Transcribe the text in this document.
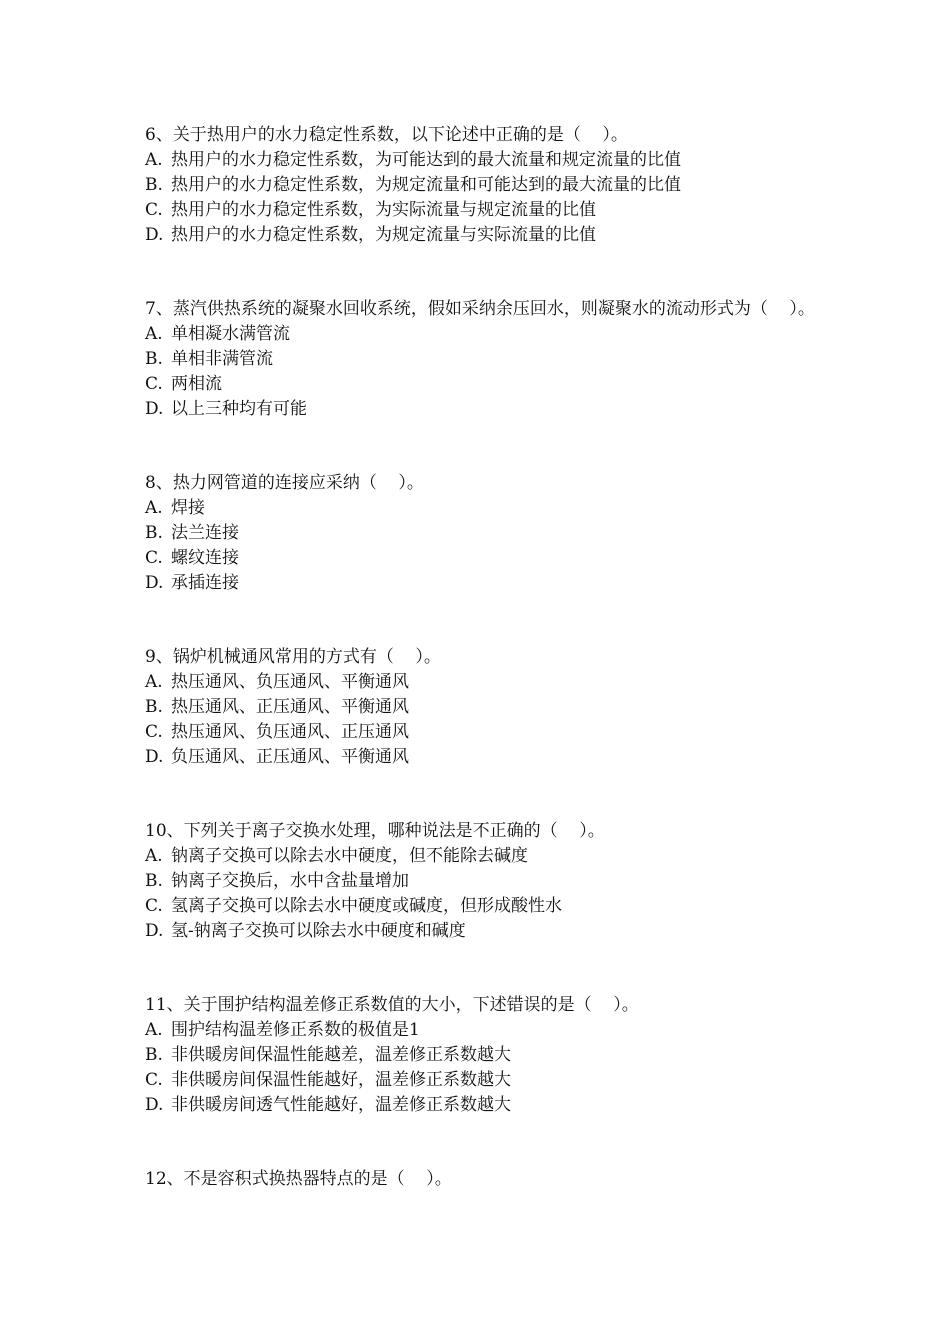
6、关于热用户的水力稳定性系数，以下论述中正确的是（    ）。

A. 热用户的水力稳定性系数，为可能达到的最大流量和规定流量的比值

B. 热用户的水力稳定性系数，为规定流量和可能达到的最大流量的比值

C. 热用户的水力稳定性系数，为实际流量与规定流量的比值

D. 热用户的水力稳定性系数，为规定流量与实际流量的比值

7、蒸汽供热系统的凝聚水回收系统，假如采纳余压回水，则凝聚水的流动形式为（    ）。

A. 单相凝水满管流

B. 单相非满管流

C. 两相流

D. 以上三种均有可能

8、热力网管道的连接应采纳（    ）。

A. 焊接

B. 法兰连接

C. 螺纹连接

D. 承插连接

9、锅炉机械通风常用的方式有（    ）。

A. 热压通风、负压通风、平衡通风

B. 热压通风、正压通风、平衡通风

C. 热压通风、负压通风、正压通风

D. 负压通风、正压通风、平衡通风

10、下列关于离子交换水处理，哪种说法是不正确的（    ）。

A. 钠离子交换可以除去水中硬度，但不能除去碱度

B. 钠离子交换后，水中含盐量增加

C. 氢离子交换可以除去水中硬度或碱度，但形成酸性水

D. 氢-钠离子交换可以除去水中硬度和碱度

11、关于围护结构温差修正系数值的大小，下述错误的是（    ）。

A. 围护结构温差修正系数的极值是1

B. 非供暖房间保温性能越差，温差修正系数越大

C. 非供暖房间保温性能越好，温差修正系数越大

D. 非供暖房间透气性能越好，温差修正系数越大

12、不是容积式换热器特点的是（    ）。
